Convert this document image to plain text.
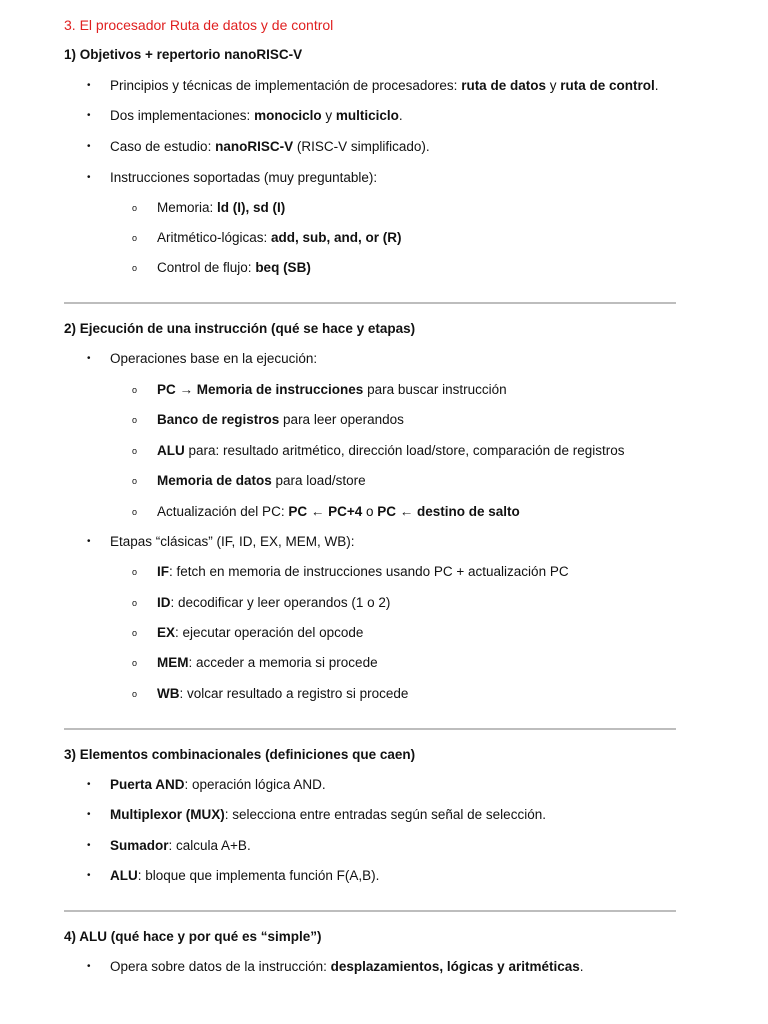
3. El procesador Ruta de datos y de control
1) Objetivos + repertorio nanoRISC-V
•
Principios y técnicas de implementación de procesadores: ruta de datos y ruta de control.
•
Dos implementaciones: monociclo y multiciclo.
•
Caso de estudio: nanoRISC-V (RISC-V simplificado).
•
Instrucciones soportadas (muy preguntable):
o
Memoria: ld (I), sd (I)
o
Aritmético-lógicas: add, sub, and, or (R)
o
Control de flujo: beq (SB)
2) Ejecución de una instrucción (qué se hace y etapas)
•
Operaciones base en la ejecución:
o
PC → Memoria de instrucciones para buscar instrucción
o
Banco de registros para leer operandos
o
ALU para: resultado aritmético, dirección load/store, comparación de registros
o
Memoria de datos para load/store
o
Actualización del PC: PC ← PC+4 o PC ← destino de salto
•
Etapas “clásicas” (IF, ID, EX, MEM, WB):
o
IF: fetch en memoria de instrucciones usando PC + actualización PC
o
ID: decodificar y leer operandos (1 o 2)
o
EX: ejecutar operación del opcode
o
MEM: acceder a memoria si procede
o
WB: volcar resultado a registro si procede
3) Elementos combinacionales (definiciones que caen)
•
Puerta AND: operación lógica AND.
•
Multiplexor (MUX): selecciona entre entradas según señal de selección.
•
Sumador: calcula A+B.
•
ALU: bloque que implementa función F(A,B).
4) ALU (qué hace y por qué es “simple”)
•
Opera sobre datos de la instrucción: desplazamientos, lógicas y aritméticas.
